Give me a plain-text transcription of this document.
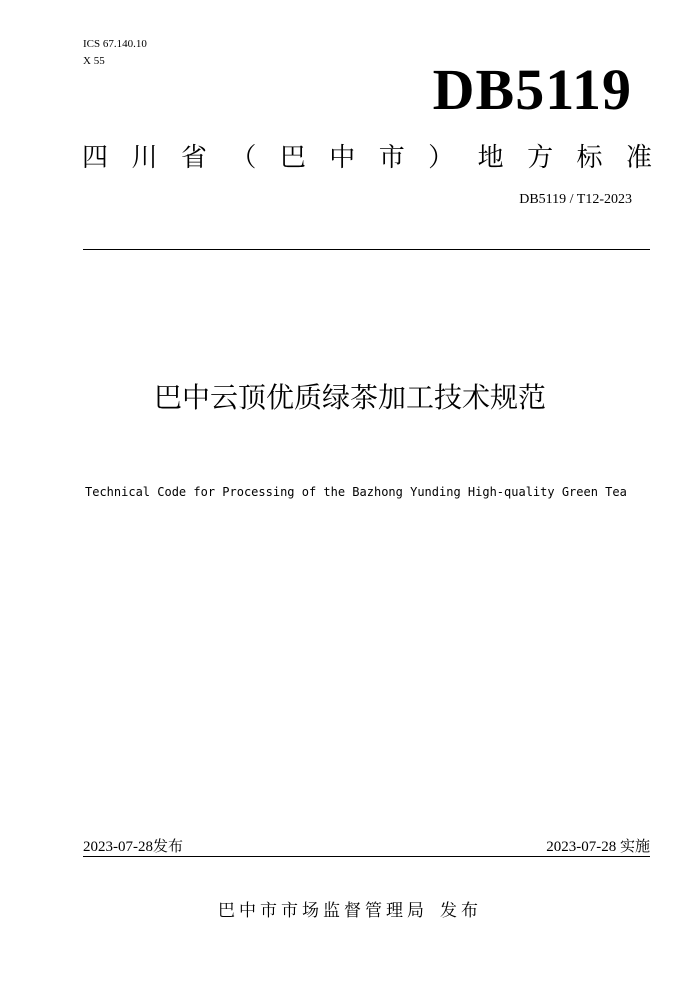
ICS 67.140.10
X 55	DB5119
四 川 省 （ 巴 中 市 ） 地 方 标 准
DB5119 / T12-2023
巴中云顶优质绿茶加工技术规范
Technical Code for Processing of the Bazhong Yunding High-quality Green Tea
2023-07-28发布	2023-07-28 实施
巴中市市场监督管理局 发布
